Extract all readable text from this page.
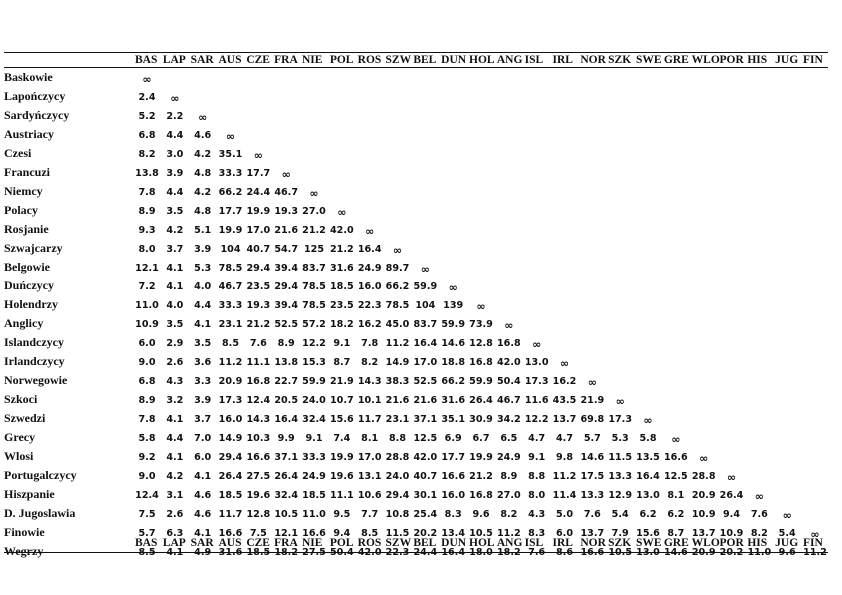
BAS LAP SAR AUS CZE FRA NIE POL ROS SZW BEL DUN HOL ANG ISL IRL NOR SZK SWE GRE WLO POR HIS JUG FIN
Baskowie	∞
Lapończycy	2.4 ∞
Sardyńczycy	5.2 2.2 ∞
Austriacy	6.8 4.4 4.6 ∞
Czesi	8.2 3.0 4.2 35.1 ∞
Francuzi	13.8 3.9 4.8 33.3 17.7 ∞
Niemcy	7.8 4.4 4.2 66.2 24.4 46.7 ∞
Polacy	8.9 3.5 4.8 17.7 19.9 19.3 27.0 ∞
Rosjanie	9.3 4.2 5.1 19.9 17.0 21.6 21.2 42.0 ∞
Szwajcarzy	8.0 3.7 3.9 104 40.7 54.7 125 21.2 16.4 ∞
Belgowie	12.1 4.1 5.3 78.5 29.4 39.4 83.7 31.6 24.9 89.7 ∞
Duńczycy	7.2 4.1 4.0 46.7 23.5 29.4 78.5 18.5 16.0 66.2 59.9 ∞
Holendrzy	11.0 4.0 4.4 33.3 19.3 39.4 78.5 23.5 22.3 78.5 104 139 ∞
Anglicy	10.9 3.5 4.1 23.1 21.2 52.5 57.2 18.2 16.2 45.0 83.7 59.9 73.9 ∞
Islandczycy	6.0 2.9 3.5 8.5 7.6 8.9 12.2 9.1 7.8 11.2 16.4 14.6 12.8 16.8 ∞
Irlandczycy	9.0 2.6 3.6 11.2 11.1 13.8 15.3 8.7 8.2 14.9 17.0 18.8 16.8 42.0 13.0 ∞
Norwegowie	6.8 4.3 3.3 20.9 16.8 22.7 59.9 21.9 14.3 38.3 52.5 66.2 59.9 50.4 17.3 16.2 ∞
Szkoci	8.9 3.2 3.9 17.3 12.4 20.5 24.0 10.7 10.1 21.6 21.6 31.6 26.4 46.7 11.6 43.5 21.9 ∞
Szwedzi	7.8 4.1 3.7 16.0 14.3 16.4 32.4 15.6 11.7 23.1 37.1 35.1 30.9 34.2 12.2 13.7 69.8 17.3 ∞
Grecy	5.8 4.4 7.0 14.9 10.3 9.9 9.1 7.4 8.1 8.8 12.5 6.9 6.7 6.5 4.7 4.7 5.7 5.3 5.8 ∞
Wlosi	9.2 4.1 6.0 29.4 16.6 37.1 33.3 19.9 17.0 28.8 42.0 17.7 19.9 24.9 9.1 9.8 14.6 11.5 13.5 16.6 ∞
Portugalczycy	9.0 4.2 4.1 26.4 27.5 26.4 24.9 19.6 13.1 24.0 40.7 16.6 21.2 8.9 8.8 11.2 17.5 13.3 16.4 12.5 28.8 ∞
Hiszpanie	12.4 3.1 4.6 18.5 19.6 32.4 18.5 11.1 10.6 29.4 30.1 16.0 16.8 27.0 8.0 11.4 13.3 12.9 13.0 8.1 20.9 26.4 ∞
D. Jugoslawia	7.5 2.6 4.6 11.7 12.8 10.5 11.0 9.5 7.7 10.8 25.4 8.3 9.6 8.2 4.3 5.0 7.6 5.4 6.2 6.2 10.9 9.4 7.6 ∞
Finowie	5.7 6.3 4.1 16.6 7.5 12.1 16.6 9.4 8.5 11.5 20.2 13.4 10.5 11.2 8.3 6.0 13.7 7.9 15.6 8.7 13.7 10.9 8.2 5.4 ∞
Wegrzy	8.5 4.1 4.9 31.6 18.5 18.2 27.5 50.4 42.0 22.3 24.4 16.4 18.0 18.2 7.6 8.6 16.6 10.5 13.0 14.6 20.9 20.2 11.0 9.6 11.2
BAS LAP SAR AUS CZE FRA NIE POL ROS SZW BEL DUN HOL ANG ISL IRL NOR SZK SWE GRE WLO POR HIS JUG FIN
